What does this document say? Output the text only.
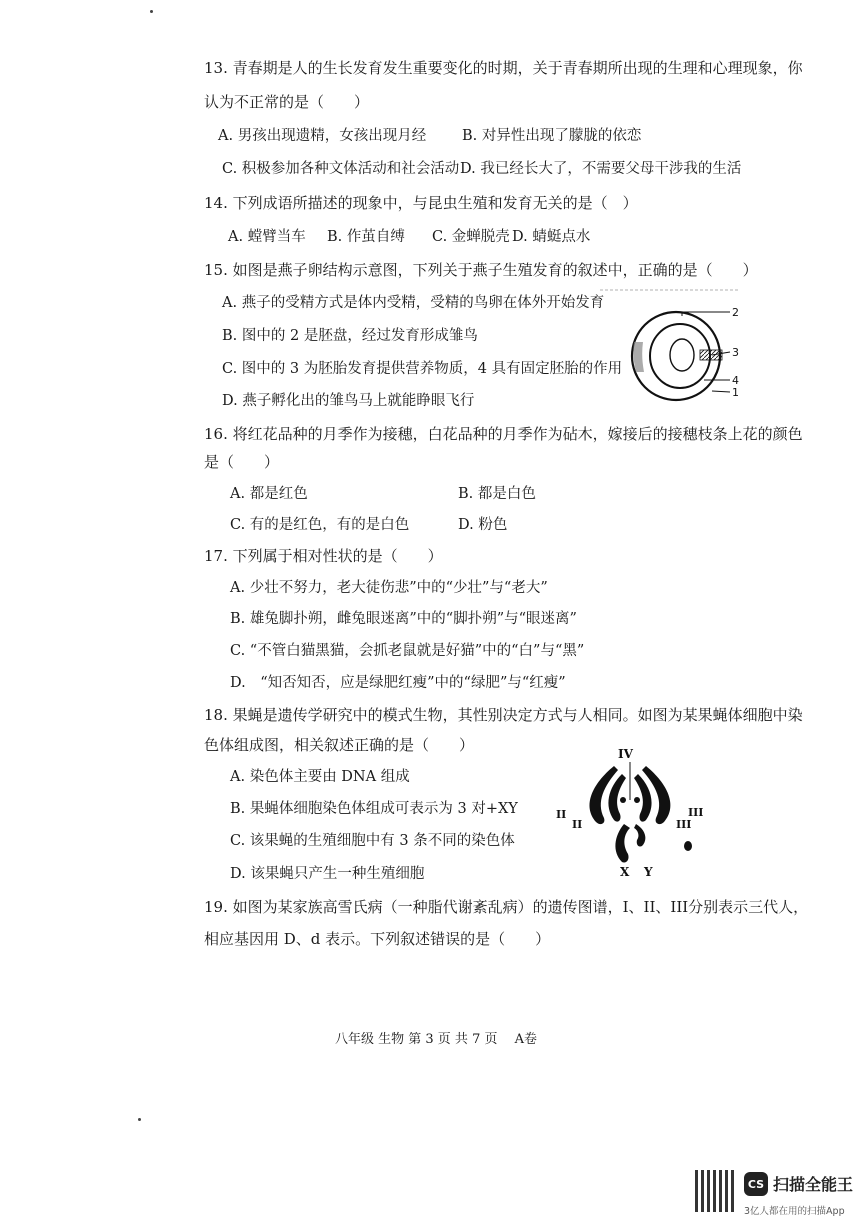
13. 青春期是人的生长发育发生重要变化的时期，关于青春期所出现的生理和心理现象，你
认为不正常的是（　　）
A. 男孩出现遗精，女孩出现月经 B. 对异性出现了朦胧的依恋
C. 积极参加各种文体活动和社会活动 D. 我已经长大了，不需要父母干涉我的生活
14. 下列成语所描述的现象中，与昆虫生殖和发育无关的是（　）
A. 螳臂当车 B. 作茧自缚 C. 金蝉脱壳 D. 蜻蜓点水
15. 如图是燕子卵结构示意图，下列关于燕子生殖发育的叙述中，正确的是（　　）
A. 燕子的受精方式是体内受精，受精的鸟卵在体外开始发育
B. 图中的 2 是胚盘，经过发育形成雏鸟
C. 图中的 3 为胚胎发育提供营养物质，4 具有固定胚胎的作用
D. 燕子孵化出的雏鸟马上就能睁眼飞行
2
3
4
1
16. 将红花品种的月季作为接穗，白花品种的月季作为砧木，嫁接后的接穗枝条上花的颜色
是（　　）
A. 都是红色	B. 都是白色
C. 有的是红色，有的是白色	D. 粉色
17. 下列属于相对性状的是（　　）
A. 少壮不努力，老大徒伤悲”中的“少壮”与“老大”
B. 雄兔脚扑朔，雌兔眼迷离”中的“脚扑朔”与“眼迷离”
C. “不管白猫黑猫，会抓老鼠就是好猫”中的“白”与“黑”
D.　“知否知否，应是绿肥红瘦”中的“绿肥”与“红瘦”
18. 果蝇是遗传学研究中的模式生物，其性别决定方式与人相同。如图为某果蝇体细胞中染
色体组成图，相关叙述正确的是（　　）
A. 染色体主要由 DNA 组成
B. 果蝇体细胞染色体组成可表示为 3 对+XY
C. 该果蝇的生殖细胞中有 3 条不同的染色体
D. 该果蝇只产生一种生殖细胞
IV
II
II
III
III
X Y
19. 如图为某家族高雪氏病（一种脂代谢紊乱病）的遗传图谱，I、II、III分别表示三代人，
相应基因用 D、d 表示。下列叙述错误的是（　　）
八年级 生物 第 3 页 共 7 页　 A卷
CS 扫描全能王
3亿人都在用的扫描App
